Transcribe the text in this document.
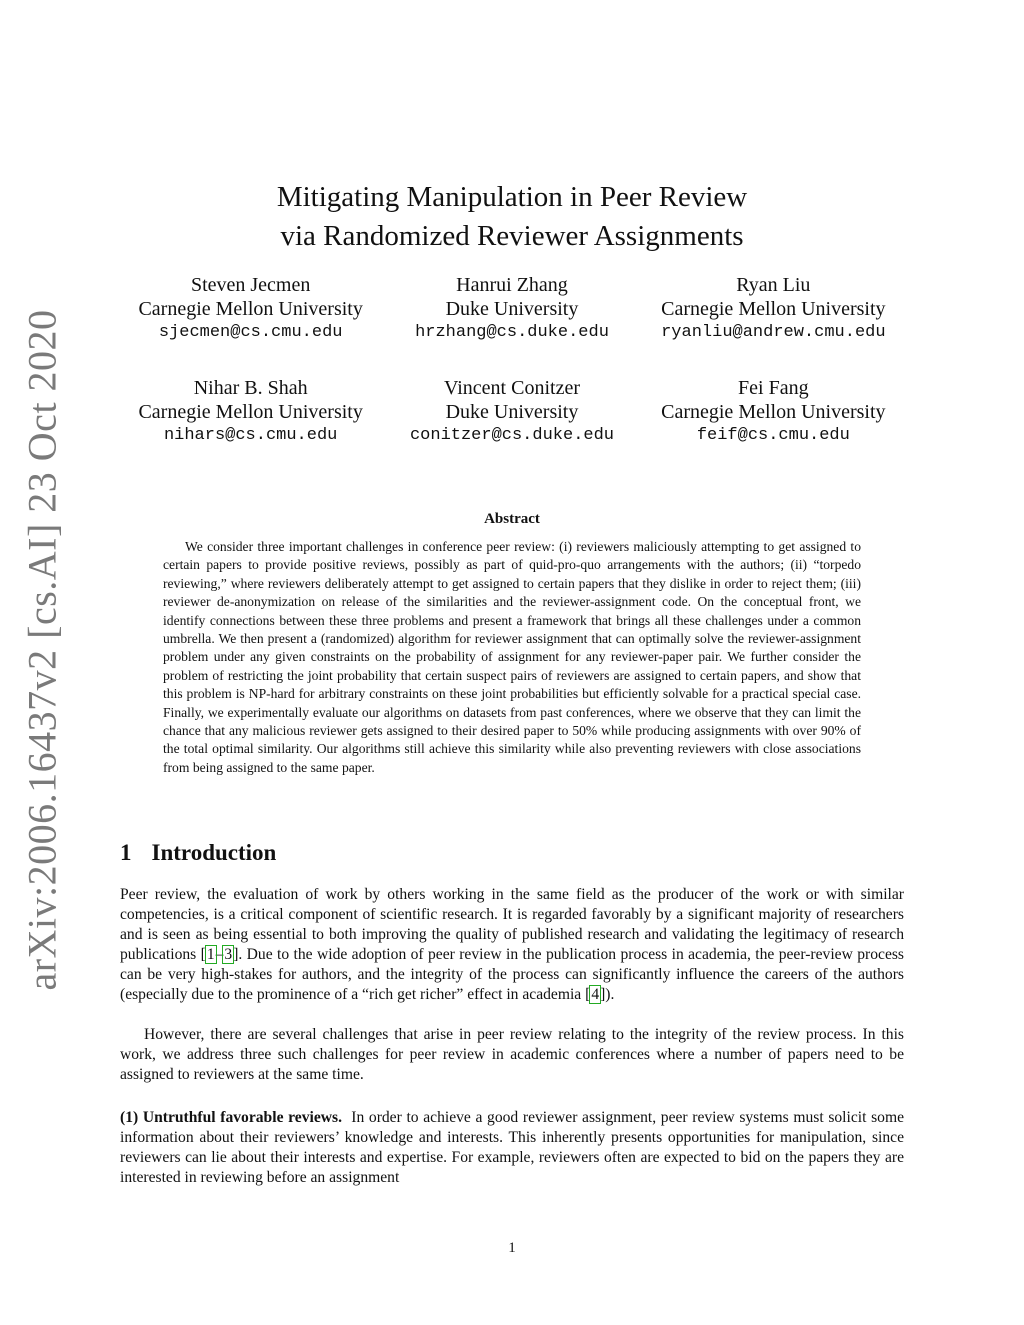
arXiv:2006.16437v2 [cs.AI] 23 Oct 2020
Mitigating Manipulation in Peer Review
via Randomized Reviewer Assignments
Steven Jecmen
Carnegie Mellon University
sjecmen@cs.cmu.edu
Hanrui Zhang
Duke University
hrzhang@cs.duke.edu
Ryan Liu
Carnegie Mellon University
ryanliu@andrew.cmu.edu
Nihar B. Shah
Carnegie Mellon University
nihars@cs.cmu.edu
Vincent Conitzer
Duke University
conitzer@cs.duke.edu
Fei Fang
Carnegie Mellon University
feif@cs.cmu.edu
Abstract

We consider three important challenges in conference peer review: (i) reviewers maliciously attempting to get assigned to certain papers to provide positive reviews, possibly as part of quid-pro-quo arrangements with the authors; (ii) “torpedo reviewing,” where reviewers deliberately attempt to get assigned to certain papers that they dislike in order to reject them; (iii) reviewer de-anonymization on release of the similarities and the reviewer-assignment code. On the conceptual front, we identify connections between these three problems and present a framework that brings all these challenges under a common umbrella. We then present a (randomized) algorithm for reviewer assignment that can optimally solve the reviewer-assignment problem under any given constraints on the probability of assignment for any reviewer-paper pair. We further consider the problem of restricting the joint probability that certain suspect pairs of reviewers are assigned to certain papers, and show that this problem is NP-hard for arbitrary constraints on these joint probabilities but efficiently solvable for a practical special case. Finally, we experimentally evaluate our algorithms on datasets from past conferences, where we observe that they can limit the chance that any malicious reviewer gets assigned to their desired paper to 50% while producing assignments with over 90% of the total optimal similarity. Our algorithms still achieve this similarity while also preventing reviewers with close associations from being assigned to the same paper.

1 Introduction

Peer review, the evaluation of work by others working in the same field as the producer of the work or with similar competencies, is a critical component of scientific research. It is regarded favorably by a significant majority of researchers and is seen as being essential to both improving the quality of published research and validating the legitimacy of research publications [1–3]. Due to the wide adoption of peer review in the publication process in academia, the peer-review process can be very high-stakes for authors, and the integrity of the process can significantly influence the careers of the authors (especially due to the prominence of a “rich get richer” effect in academia [4]).

However, there are several challenges that arise in peer review relating to the integrity of the review process. In this work, we address three such challenges for peer review in academic conferences where a number of papers need to be assigned to reviewers at the same time.

(1) Untruthful favorable reviews. In order to achieve a good reviewer assignment, peer review systems must solicit some information about their reviewers’ knowledge and interests. This inherently presents opportunities for manipulation, since reviewers can lie about their interests and expertise. For example, reviewers often are expected to bid on the papers they are interested in reviewing before an assignment

1
